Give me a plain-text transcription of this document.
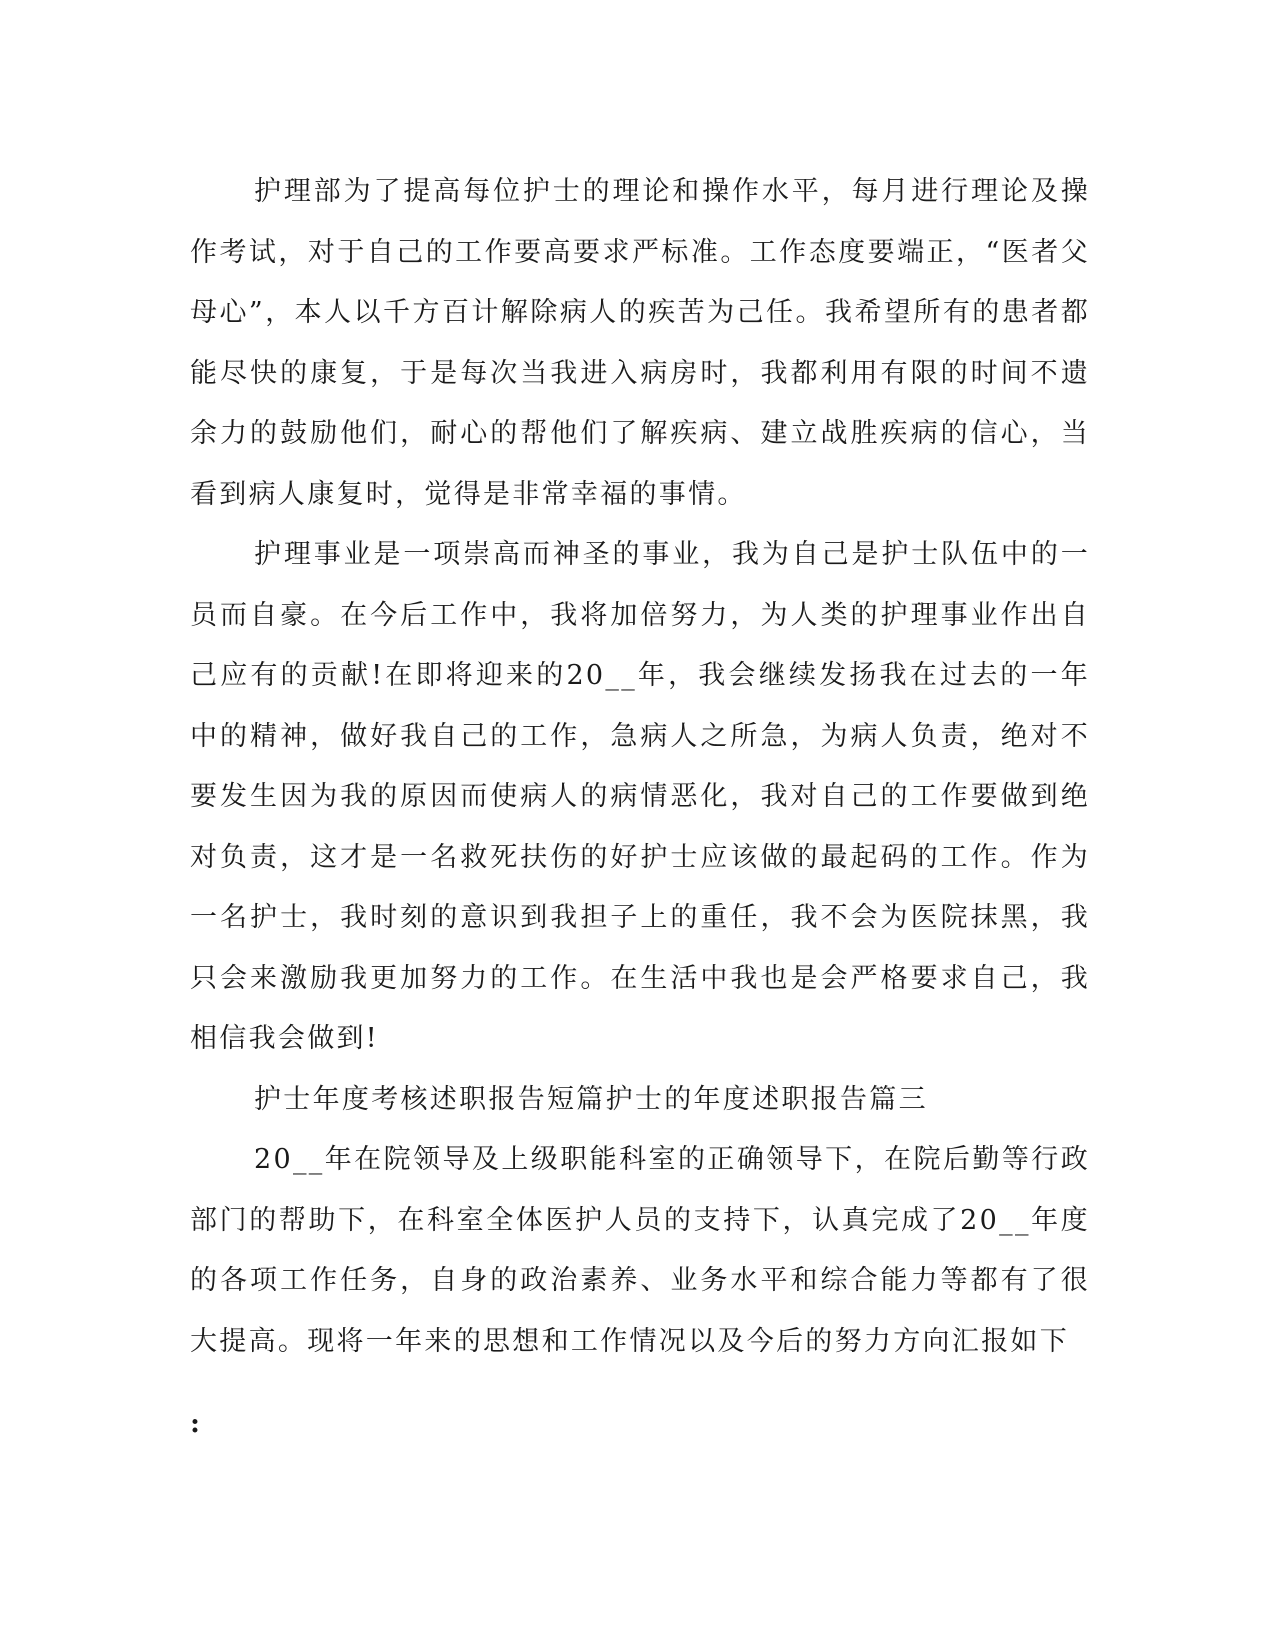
护理部为了提高每位护士的理论和操作水平，每月进行理论及操作考试，对于自己的工作要高要求严标准。工作态度要端正，“医者父母心”，本人以千方百计解除病人的疾苦为己任。我希望所有的患者都能尽快的康复，于是每次当我进入病房时，我都利用有限的时间不遗余力的鼓励他们，耐心的帮他们了解疾病、建立战胜疾病的信心，当看到病人康复时，觉得是非常幸福的事情。

护理事业是一项崇高而神圣的事业，我为自己是护士队伍中的一员而自豪。在今后工作中，我将加倍努力，为人类的护理事业作出自己应有的贡献!在即将迎来的20__年，我会继续发扬我在过去的一年中的精神，做好我自己的工作，急病人之所急，为病人负责，绝对不要发生因为我的原因而使病人的病情恶化，我对自己的工作要做到绝对负责，这才是一名救死扶伤的好护士应该做的最起码的工作。作为一名护士，我时刻的意识到我担子上的重任，我不会为医院抹黑，我只会来激励我更加努力的工作。在生活中我也是会严格要求自己，我相信我会做到!

护士年度考核述职报告短篇护士的年度述职报告篇三

20__年在院领导及上级职能科室的正确领导下，在院后勤等行政部门的帮助下，在科室全体医护人员的支持下，认真完成了20__年度的各项工作任务，自身的政治素养、业务水平和综合能力等都有了很大提高。现将一年来的思想和工作情况以及今后的努力方向汇报如下

:
